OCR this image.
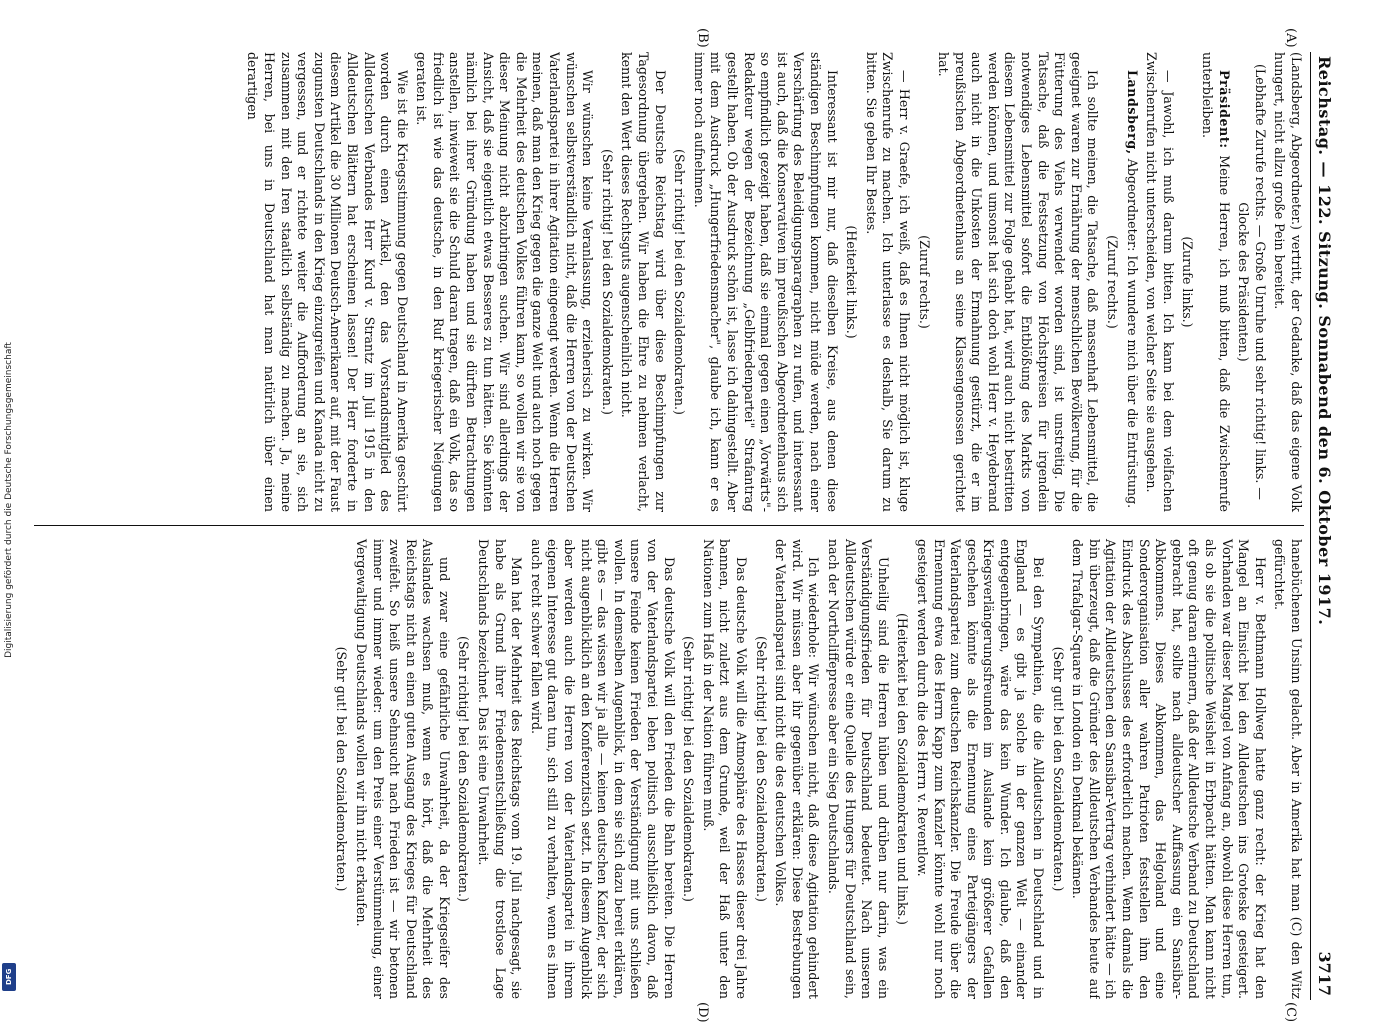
Digitalisierung gefördert durch die Deutsche Forschungsgemeinschaft
DFG
Reichstag. — 122. Sitzung. Sonnabend den 6. Oktober 1917.
3717
(A)
(B)
(C)
(D)

(Landsberg, Abgeordneter.) vertritt, der Gedanke, daß das eigene Volk hungert, nicht allzu große Pein bereitet.

(Lebhafte Zurufe rechts. — Große Unruhe und sehr richtig! links. — Glocke des Präsidenten.)

Präsident: Meine Herren, ich muß bitten, daß die Zwischenrufe unterbleiben.

(Zurufe links.)

— Jawohl, ich muß darum bitten. Ich kann bei dem vielfachen Zwischenrufen nicht unterscheiden, von welcher Seite sie ausgehen.

Landsberg, Abgeordneter: Ich wundere mich über die Entrüstung.

(Zuruf rechts.)

Ich sollte meinen, die Tatsache, daß massenhaft Lebensmittel, die geeignet waren zur Ernährung der menschlichen Bevölkerung, für die Fütterung des Viehs verwendet worden sind, ist unstreitig. Die Tatsache, daß die Festsetzung von Höchstpreisen für irgendein notwendiges Lebensmittel sofort die Entblößung des Markts von diesem Lebensmittel zur Folge gehabt hat, wird auch nicht bestritten werden können, und umsonst hat sich doch wohl Herr v. Heydebrand auch nicht in die Unkosten der Ermahnung gestürzt, die er im preußischen Abgeordnetenhaus an seine Klassengenossen gerichtet hat.

(Zuruf rechts.)

— Herr v. Graefe, ich weiß, daß es Ihnen nicht möglich ist, kluge Zwischenrufe zu machen. Ich unterlasse es deshalb, Sie darum zu bitten. Sie geben Ihr Bestes.

(Heiterkeit links.)

Interessant ist mir nur, daß dieselben Kreise, aus denen diese ständigen Beschimpfungen kommen, nicht müde werden, nach einer Verschärfung des Beleidigungsparagraphen zu rufen, und interessant ist auch, daß die Konservativen im preußischen Abgeordnetenhaus sich so empfindlich gezeigt haben, daß sie einmal gegen einen „Vorwärts"-Redakteur wegen der Bezeichnung „Gelbfriedenpartei" Strafantrag gestellt haben. Ob der Ausdruck schön ist, lasse ich dahingestellt. Aber mit dem Ausdruck „Hungerfriedensmacher", glaube ich, kann er es immer noch aufnehmen.

(Sehr richtig! bei den Sozialdemokraten.)

Der Deutsche Reichstag wird über diese Beschimpfungen zur Tagesordnung übergehen. Wir haben die Ehre zu nehmen verlacht, kennt den Wert dieses Rechtsguts augenscheinlich nicht.

(Sehr richtig! bei den Sozialdemokraten.)

Wir wünschen keine Veranlassung, erzieherisch zu wirken. Wir wünschen selbstverständlich nicht, daß die Herren von der Deutschen Vaterlandspartei in ihrer Agitation eingeengt werden. Wenn die Herren meinen, daß man den Krieg gegen die ganze Welt und auch noch gegen die Mehrheit des deutschen Volkes führen kann, so wollen wir sie von dieser Meinung nicht abzubringen suchen. Wir sind allerdings der Ansicht, daß sie eigentlich etwas Besseres zu tun hätten. Sie könnten nämlich bei ihrer Gründung haben und sie dürften Betrachtungen anstellen, inwieweit sie die Schuld daran tragen, daß ein Volk, das so friedlich ist wie das deutsche, in den Ruf kriegerischer Neigungen geraten ist.

Wie ist die Kriegsstimmung gegen Deutschland in Amerika geschürt worden durch einen Artikel, den das Vorstandsmitglied des Alldeutschen Verbandes Herr Kurd v. Strantz im Juli 1915 in den Alldeutschen Blättern hat erscheinen lassen! Der Herr forderte in diesem Artikel die 30 Millionen Deutsch-Amerikaner auf, mit der Faust zugunsten Deutschlands in den Krieg einzugreifen und Kanada nicht zu vergessen, und er richtete weiter die Aufforderung an sie, sich zusammen mit den Iren staatlich selbständig zu machen. Ja, meine Herren, bei uns in Deutschland hat man natürlich über einen derartigen

hanebüchenen Unsinn gelacht. Aber in Amerika hat man (C) den Witz gefürchtet.

Herr v. Bethmann Hollweg hatte ganz recht: der Krieg hat den Mangel an Einsicht bei den Alldeutschen ins Groteske gesteigert. Vorhanden war dieser Mangel von Anfang an, obwohl diese Herren tun, als ob sie die politische Weisheit in Erbpacht hätten. Man kann nicht oft genug daran erinnern, daß der Alldeutsche Verband zu Deutschland gebracht hat, sollte nach alldeutscher Auffassung ein Sansibar-Abkommens. Dieses Abkommen, das Helgoland und eine Sonderorganisation aller wahren Patrioten feststellen ihm den Eindruck des Abschlusses des erforderlich machen. Wenn damals die Agitation der Alldeutschen den Sansibar-Vertrag verhindert hätte — ich bin überzeugt, daß die Gründer des Alldeutschen Verbandes heute auf dem Trafalgar-Square in London ein Denkmal bekämen.

(Sehr gut! bei den Sozialdemokraten.)

Bei den Sympathien, die die Alldeutschen in Deutschland und in England — es gibt ja solche in der ganzen Welt — einander entgegenbringen, wäre das kein Wunder. Ich glaube, daß den Kriegsverlängerungsfreunden im Auslande kein größerer Gefallen geschehen könnte als die Ernennung eines Parteigängers der Vaterlandspartei zum deutschen Reichskanzler. Die Freude über die Ernennung etwa des Herrn Kapp zum Kanzler könnte wohl nur noch gesteigert werden durch die des Herrn v. Reventlow.

(Heiterkeit bei den Sozialdemokraten und links.)

Unheilig sind die Herren hüben und drüben nur darin, was ein Verständigungsfrieden für Deutschland bedeutet. Nach unseren Alldeutschen würde er eine Quelle des Hungers für Deutschland sein, nach der Northcliffepresse aber ein Sieg Deutschlands.

Ich wiederhole: Wir wünschen nicht, daß diese Agitation gehindert wird. Wir müssen aber ihr gegenüber erklären: Diese Bestrebungen der Vaterlandspartei sind nicht die des deutschen Volkes.

(Sehr richtig! bei den Sozialdemokraten.)

Das deutsche Volk will die Atmosphäre des Hasses dieser drei Jahre bannen, nicht zuletzt aus dem Grunde, weil der Haß unter den Nationen zum Haß in der Nation führen muß.

(Sehr richtig! bei den Sozialdemokraten.)

Das deutsche Volk will den Frieden die Bahn bereiten. Die Herren von der Vaterlandspartei leben politisch ausschließlich davon, daß unsere Feinde keinen Frieden der Verständigung mit uns schließen wollen. In demselben Augenblick, in dem sie sich dazu bereit erklären, gibt es — das wissen wir ja alle — keinen deutschen Kanzler, der sich nicht augenblicklich an den Konferenztisch setzt. In diesem Augenblick aber werden auch die Herren von der Vaterlandspartei in ihrem eigenen Interesse gut daran tun, sich still zu verhalten, wenn es ihnen auch recht schwer fallen wird.

Man hat der Mehrheit des Reichstags vom 19. Juli nachgesagt, sie habe als Grund ihrer Friedensentschließung die trostlose Lage Deutschlands bezeichnet. Das ist eine Unwahrheit.

(Sehr richtig! bei den Sozialdemokraten.)

und zwar eine gefährliche Unwahrheit, da der Kriegseifer des Auslandes wachsen muß, wenn es hört, daß die Mehrheit des Reichstags nicht an einen guten Ausgang des Krieges für Deutschland zweifelt. So heiß unsere Sehnsucht nach Frieden ist — wir betonen immer und immer wieder: um den Preis einer Verstümmelung, einer Vergewaltigung Deutschlands wollen wir ihn nicht erkaufen.

(Sehr gut! bei den Sozialdemokraten.)
